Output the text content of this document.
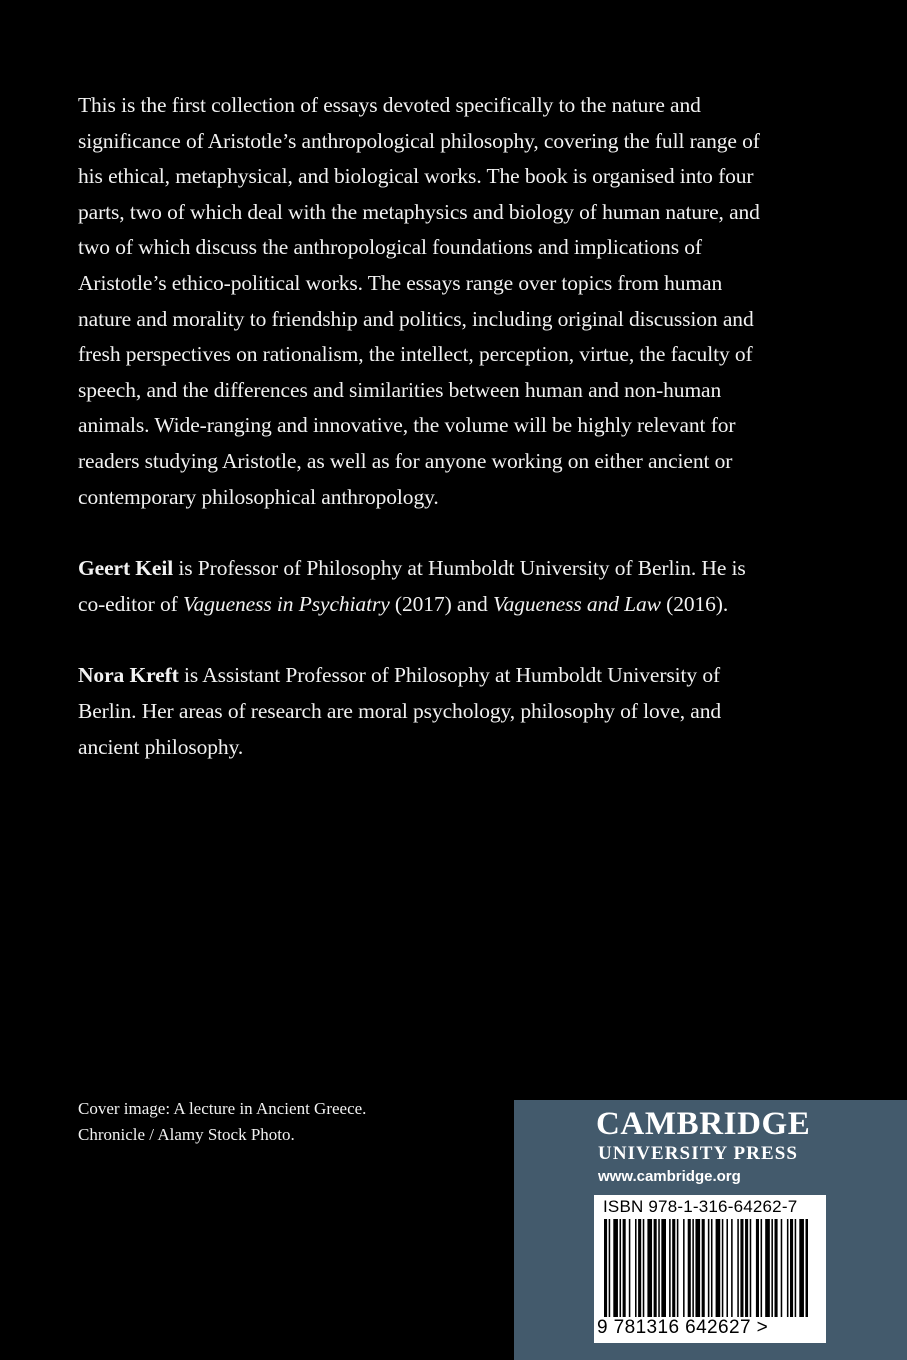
This is the first collection of essays devoted specifically to the nature and significance of Aristotle’s anthropological philosophy, covering the full range of his ethical, metaphysical, and biological works. The book is organised into four parts, two of which deal with the metaphysics and biology of human nature, and two of which discuss the anthropological foundations and implications of Aristotle’s ethico-political works. The essays range over topics from human nature and morality to friendship and politics, including original discussion and fresh perspectives on rationalism, the intellect, perception, virtue, the faculty of speech, and the differences and similarities between human and non-human animals. Wide-ranging and innovative, the volume will be highly relevant for readers studying Aristotle, as well as for anyone working on either ancient or contemporary philosophical anthropology.

Geert Keil is Professor of Philosophy at Humboldt University of Berlin. He is co-editor of Vagueness in Psychiatry (2017) and Vagueness and Law (2016).

Nora Kreft is Assistant Professor of Philosophy at Humboldt University of Berlin. Her areas of research are moral psychology, philosophy of love, and ancient philosophy.

Cover image: A lecture in Ancient Greece.
Chronicle / Alamy Stock Photo.	CAMBRIDGE
UNIVERSITY PRESS
www.cambridge.org
ISBN 978-1-316-64262-7
9 781316 642627 >
